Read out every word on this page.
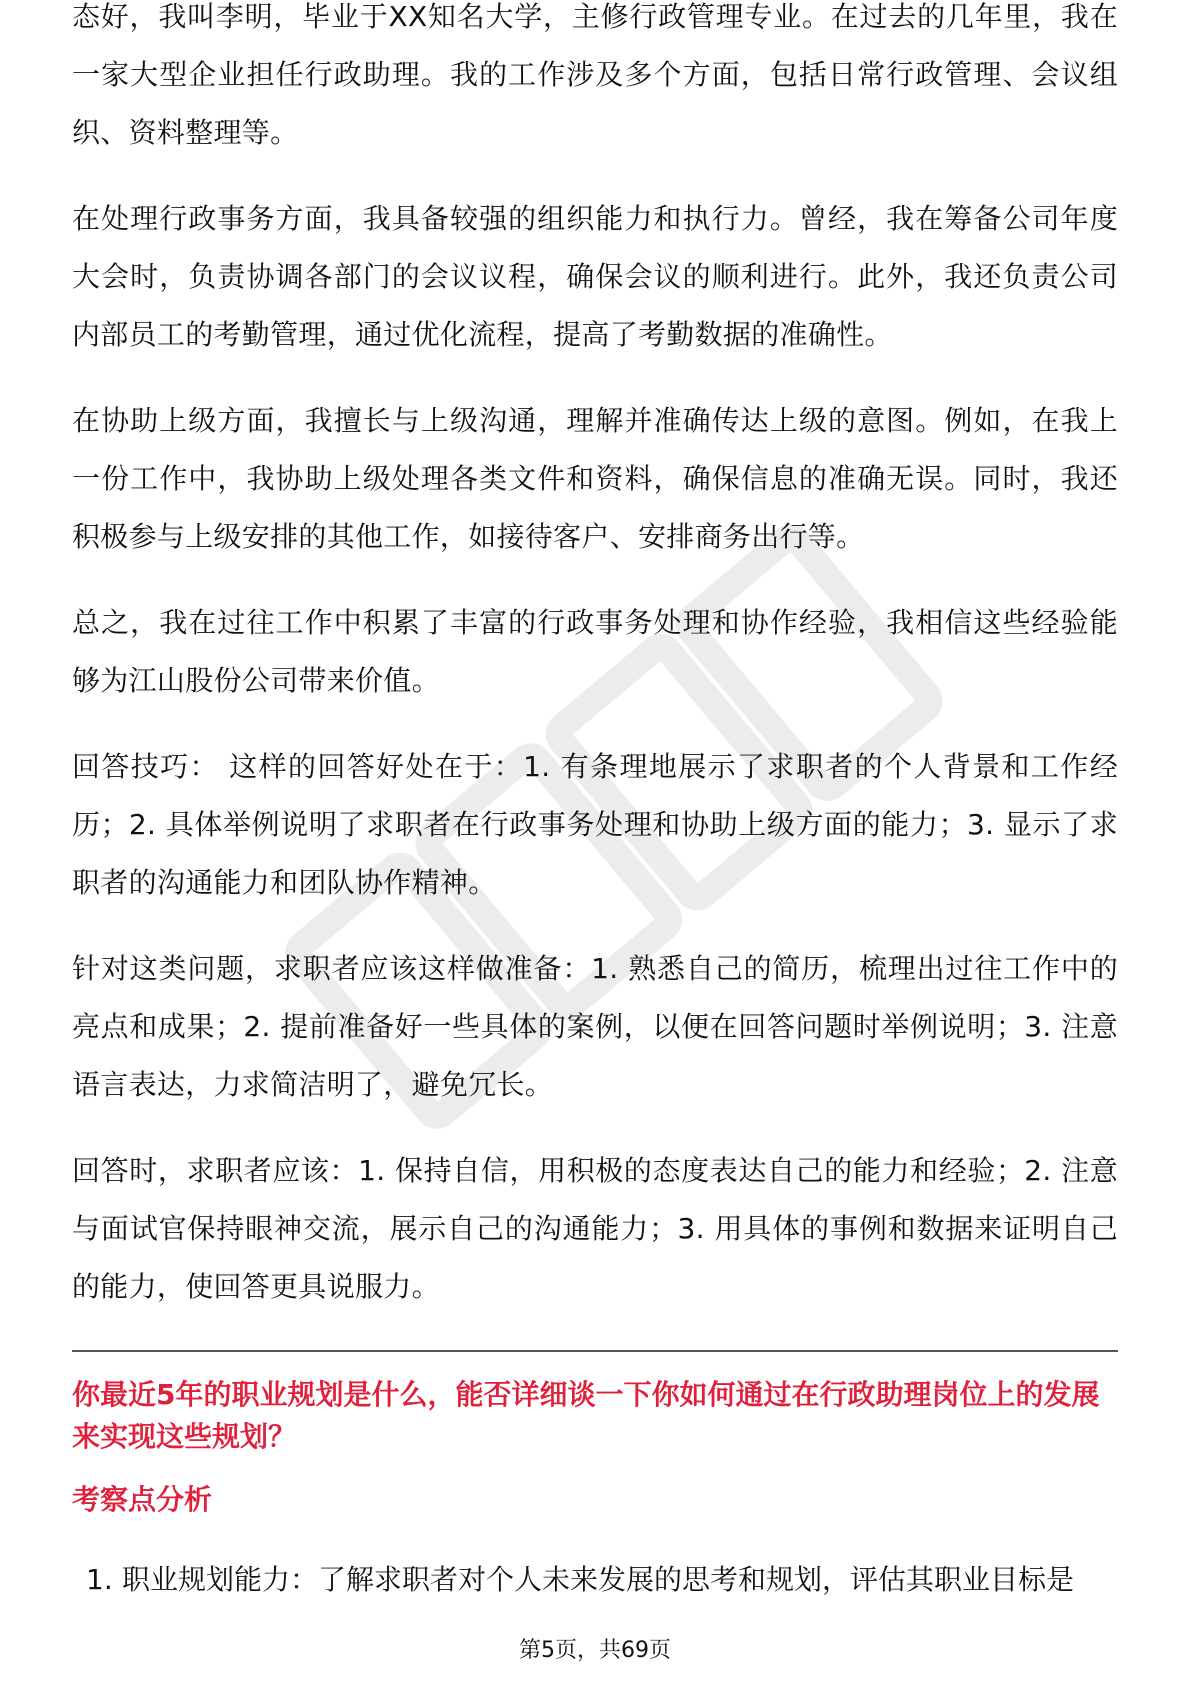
态好，我叫李明，毕业于XX知名大学，主修行政管理专业。在过去的几年里，我在一家大型企业担任行政助理。我的工作涉及多个方面，包括日常行政管理、会议组织、资料整理等。

在处理行政事务方面，我具备较强的组织能力和执行力。曾经，我在筹备公司年度大会时，负责协调各部门的会议议程，确保会议的顺利进行。此外，我还负责公司内部员工的考勤管理，通过优化流程，提高了考勤数据的准确性。

在协助上级方面，我擅长与上级沟通，理解并准确传达上级的意图。例如，在我上一份工作中，我协助上级处理各类文件和资料，确保信息的准确无误。同时，我还积极参与上级安排的其他工作，如接待客户、安排商务出行等。

总之，我在过往工作中积累了丰富的行政事务处理和协作经验，我相信这些经验能够为江山股份公司带来价值。

回答技巧： 这样的回答好处在于：1. 有条理地展示了求职者的个人背景和工作经历；2. 具体举例说明了求职者在行政事务处理和协助上级方面的能力；3. 显示了求职者的沟通能力和团队协作精神。

针对这类问题，求职者应该这样做准备：1. 熟悉自己的简历，梳理出过往工作中的亮点和成果；2. 提前准备好一些具体的案例，以便在回答问题时举例说明；3. 注意语言表达，力求简洁明了，避免冗长。

回答时，求职者应该：1. 保持自信，用积极的态度表达自己的能力和经验；2. 注意与面试官保持眼神交流，展示自己的沟通能力；3. 用具体的事例和数据来证明自己的能力，使回答更具说服力。

你最近5年的职业规划是什么，能否详细谈一下你如何通过在行政助理岗位上的发展来实现这些规划？
考察点分析
1. 职业规划能力：了解求职者对个人未来发展的思考和规划，评估其职业目标是
第5页，共69页
